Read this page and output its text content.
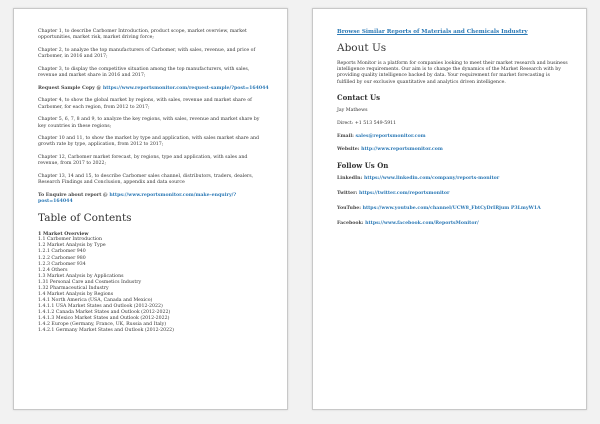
Chapter 1, to describe Carbomer Introduction, product scope, market overview, market opportunities, market risk, market driving force;

Chapter 2, to analyze the top manufacturers of Carbomer, with sales, revenue, and price of Carbomer, in 2016 and 2017;

Chapter 3, to display the competitive situation among the top manufacturers, with sales, revenue and market share in 2016 and 2017;

Request Sample Copy @ https://www.reportsmonitor.com/request-sample/?post=164044

Chapter 4, to show the global market by regions, with sales, revenue and market share of Carbomer, for each region, from 2012 to 2017;

Chapter 5, 6, 7, 8 and 9, to analyze the key regions, with sales, revenue and market share by key countries in these regions;

Chapter 10 and 11, to show the market by type and application, with sales market share and growth rate by type, application, from 2012 to 2017;

Chapter 12, Carbomer market forecast, by regions, type and application, with sales and revenue, from 2017 to 2022;

Chapter 13, 14 and 15, to describe Carbomer sales channel, distributors, traders, dealers, Research Findings and Conclusion, appendix and data source

To Enquire about report @ https://www.reportsmonitor.com/make-enquiry/?post=164044

Table of Contents
1 Market Overview
1.1 Carbomer Introduction
1.2 Market Analysis by Type
1.2.1 Carbomer 940
1.2.2 Carbomer 980
1.2.3 Carbomer 934
1.2.4 Others
1.3 Market Analysis by Applications
1.31 Personal Care and Cosmetics Industry
1.32 Pharmaceutical Industry
1.4 Market Analysis by Regions
1.4.1 North America (USA, Canada and Mexico)
1.4.1.1 USA Market States and Outlook (2012-2022)
1.4.1.2 Canada Market States and Outlook (2012-2022)
1.4.1.3 Mexico Market States and Outlook (2012-2022)
1.4.2 Europe (Germany, France, UK, Russia and Italy)
1.4.2.1 Germany Market States and Outlook (2012-2022)
Browse Similar Reports of Materials and Chemicals Industry
About Us

Reports Monitor is a platform for companies looking to meet their market research and business intelligence requirements. Our aim is to change the dynamics of the Market Research with by providing quality intelligence backed by data. Your requirement for market forecasting is fulfilled by our exclusive quantitative and analytics driven intelligence.

Contact Us

Jay Mathews

Direct: +1 513 549-5911

Email: sales@reportsmonitor.com

Website: http://www.reportsmonitor.com

Follow Us On

LinkedIn: https://www.linkedin.com/company/reports-monitor

Twitter: https://twitter.com/reportsmonitor

YouTube: https://www.youtube.com/channel/UCW8_FbtCyDrIRjum P3LmyW1A

Facebook: https://www.facebook.com/ReportsMonitor/
